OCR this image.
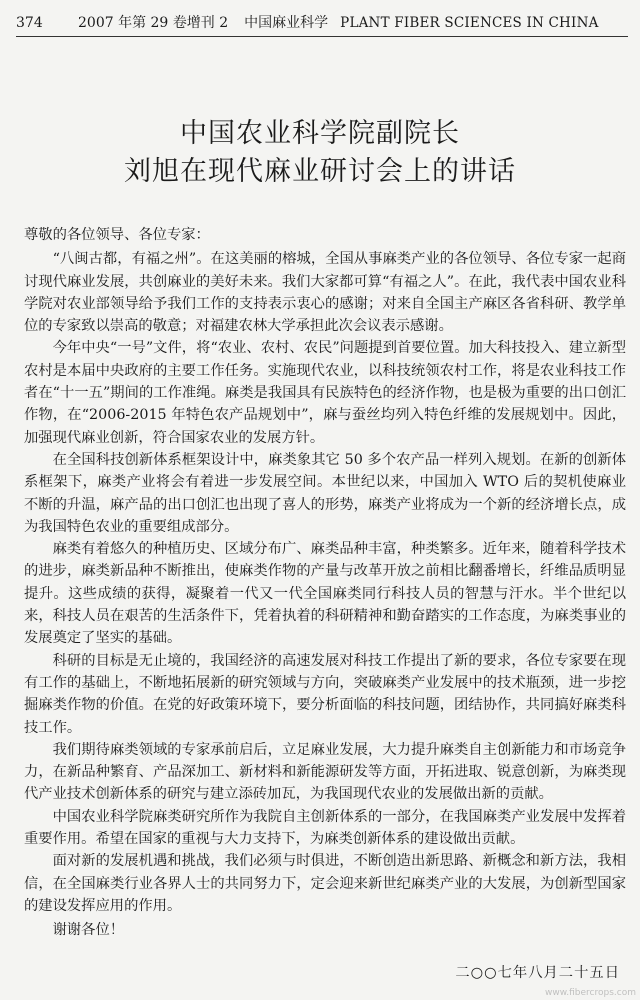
374	2007 年第 29 卷增刊 2 中国麻业科学 PLANT FIBER SCIENCES IN CHINA
中国农业科学院副院长
刘旭在现代麻业研讨会上的讲话

尊敬的各位领导、各位专家：

“八闽古都，有福之州”。在这美丽的榕城，全国从事麻类产业的各位领导、各位专家一起商讨现代麻业发展，共创麻业的美好未来。我们大家都可算“有福之人”。在此，我代表中国农业科学院对农业部领导给予我们工作的支持表示衷心的感谢；对来自全国主产麻区各省科研、教学单位的专家致以崇高的敬意；对福建农林大学承担此次会议表示感谢。

今年中央“一号”文件，将“农业、农村、农民”问题提到首要位置。加大科技投入、建立新型农村是本届中央政府的主要工作任务。实施现代农业，以科技统领农村工作，将是农业科技工作者在“十一五”期间的工作准绳。麻类是我国具有民族特色的经济作物，也是极为重要的出口创汇作物，在“2006-2015 年特色农产品规划中”，麻与蚕丝均列入特色纤维的发展规划中。因此，加强现代麻业创新，符合国家农业的发展方针。

在全国科技创新体系框架设计中，麻类象其它 50 多个农产品一样列入规划。在新的创新体系框架下，麻类产业将会有着进一步发展空间。本世纪以来，中国加入 WTO 后的契机使麻业不断的升温，麻产品的出口创汇也出现了喜人的形势，麻类产业将成为一个新的经济增长点，成为我国特色农业的重要组成部分。

麻类有着悠久的种植历史、区域分布广、麻类品种丰富，种类繁多。近年来，随着科学技术的进步，麻类新品种不断推出，使麻类作物的产量与改革开放之前相比翻番增长，纤维品质明显提升。这些成绩的获得，凝聚着一代又一代全国麻类同行科技人员的智慧与汗水。半个世纪以来，科技人员在艰苦的生活条件下，凭着执着的科研精神和勤奋踏实的工作态度，为麻类事业的发展奠定了坚实的基础。

科研的目标是无止境的，我国经济的高速发展对科技工作提出了新的要求，各位专家要在现有工作的基础上，不断地拓展新的研究领域与方向，突破麻类产业发展中的技术瓶颈，进一步挖掘麻类作物的价值。在党的好政策环境下，要分析面临的科技问题，团结协作，共同搞好麻类科技工作。

我们期待麻类领域的专家承前启后，立足麻业发展，大力提升麻类自主创新能力和市场竞争力，在新品种繁育、产品深加工、新材料和新能源研发等方面，开拓进取、锐意创新，为麻类现代产业技术创新体系的研究与建立添砖加瓦，为我国现代农业的发展做出新的贡献。

中国农业科学院麻类研究所作为我院自主创新体系的一部分，在我国麻类产业发展中发挥着重要作用。希望在国家的重视与大力支持下，为麻类创新体系的建设做出贡献。

面对新的发展机遇和挑战，我们必须与时俱进，不断创造出新思路、新概念和新方法，我相信，在全国麻类行业各界人士的共同努力下，定会迎来新世纪麻类产业的大发展，为创新型国家的建设发挥应用的作用。

谢谢各位！

二○○七年八月二十五日
www.fibercrops.com
